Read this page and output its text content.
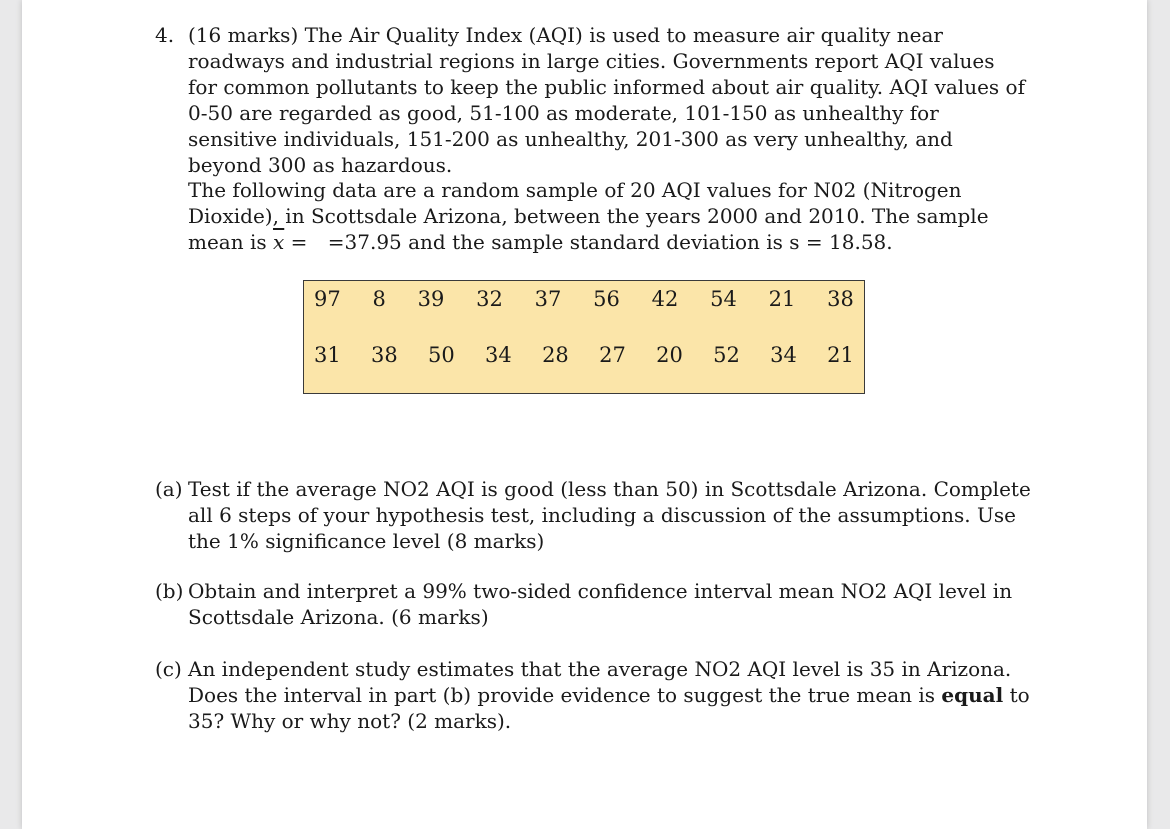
4. (16 marks) The Air Quality Index (AQI) is used to measure air quality near roadways and industrial regions in large cities. Governments report AQI values for common pollutants to keep the public informed about air quality. AQI values of 0-50 are regarded as good, 51-100 as moderate, 101-150 as unhealthy for sensitive individuals, 151-200 as unhealthy, 201-300 as very unhealthy, and beyond 300 as hazardous.

The following data are a random sample of 20 AQI values for N02 (Nitrogen Dioxide), in Scottsdale Arizona, between the years 2000 and 2010. The sample mean is $\overline{x} = =37.95$ and the sample standard deviation is s = 18.58.

97 8 39 32 37 56 42 54 21 38
31 38 50 34 28 27 20 52 34 21
(a) Test if the average NO2 AQI is good (less than 50) in Scottsdale Arizona. Complete all 6 steps of your hypothesis test, including a discussion of the assumptions. Use the 1% significance level (8 marks)
(b) Obtain and interpret a 99% two-sided confidence interval mean NO2 AQI level in Scottsdale Arizona. (6 marks)
(c) An independent study estimates that the average NO2 AQI level is 35 in Arizona. Does the interval in part (b) provide evidence to suggest the true mean is equal to 35? Why or why not? (2 marks).
